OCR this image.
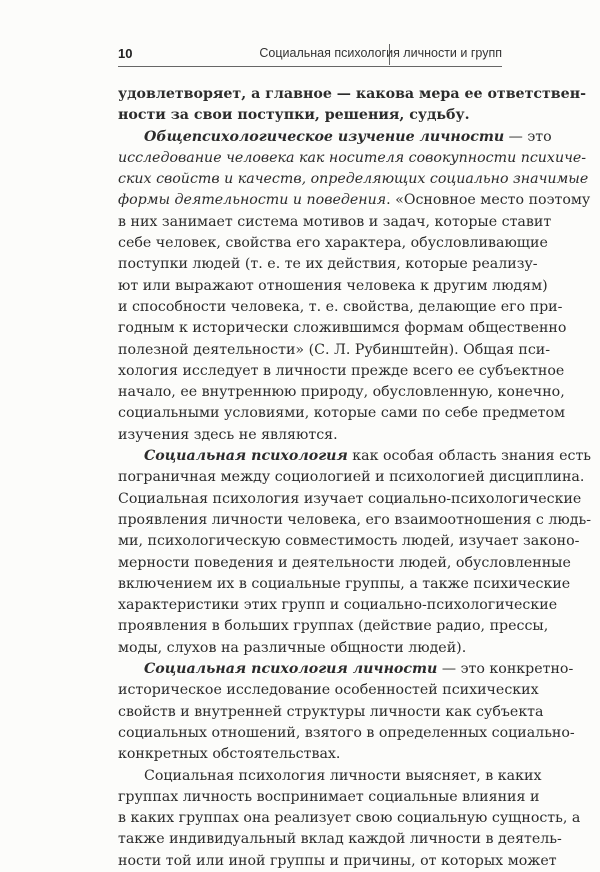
10	Социальная психология личности и групп
удовлетворяет, а главное — какова мера ее ответствен-
ности за свои поступки, решения, судьбу.
Общепсихологическое изучение личности — это
исследование человека как носителя совокупности психиче-
ских свойств и качеств, определяющих социально значимые
формы деятельности и поведения. «Основное место поэтому
в них занимает система мотивов и задач, которые ставит
себе человек, свойства его характера, обусловливающие
поступки людей (т. е. те их действия, которые реализу-
ют или выражают отношения человека к другим людям)
и способности человека, т. е. свойства, делающие его при-
годным к исторически сложившимся формам общественно
полезной деятельности» (С. Л. Рубинштейн). Общая пси-
хология исследует в личности прежде всего ее субъектное
начало, ее внутреннюю природу, обусловленную, конечно,
социальными условиями, которые сами по себе предметом
изучения здесь не являются.
Социальная психология как особая область знания есть
пограничная между социологией и психологией дисциплина.
Социальная психология изучает социально-психологические
проявления личности человека, его взаимоотношения с людь-
ми, психологическую совместимость людей, изучает законо-
мерности поведения и деятельности людей, обусловленные
включением их в социальные группы, а также психические
характеристики этих групп и социально-психологические
проявления в больших группах (действие радио, прессы,
моды, слухов на различные общности людей).
Социальная психология личности — это конкретно-
историческое исследование особенностей психических
свойств и внутренней структуры личности как субъекта
социальных отношений, взятого в определенных социально-
конкретных обстоятельствах.
Социальная психология личности выясняет, в каких
группах личность воспринимает социальные влияния и
в каких группах она реализует свою социальную сущность, а
также индивидуальный вклад каждой личности в деятель-
ности той или иной группы и причины, от которых может
